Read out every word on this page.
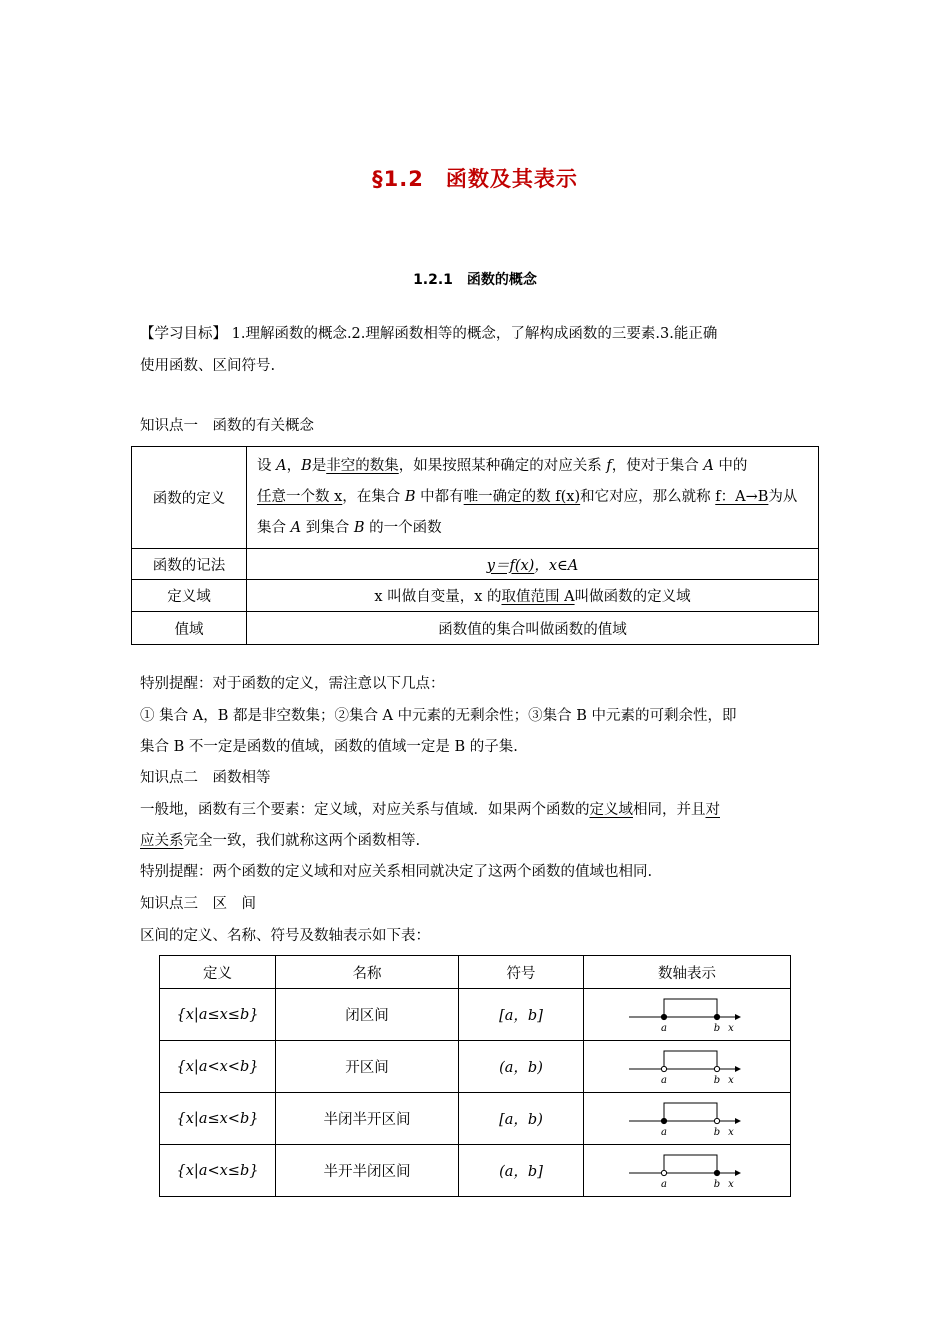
§1.2　函数及其表示
1.2.1　函数的概念
【学习目标】 1.理解函数的概念.2.理解函数相等的概念，了解构成函数的三要素.3.能正确
使用函数、区间符号.
知识点一　函数的有关概念
函数的定义	设 A，B是非空的数集，如果按照某种确定的对应关系 f，使对于集合 A 中的
任意一个数 x，在集合 B 中都有唯一确定的数 f(x)和它对应，那么就称 f：A→B为从集合 A 到集合 B 的一个函数
函数的记法	y＝f(x)，x∈A
定义域	x 叫做自变量，x 的取值范围 A叫做函数的定义域
值域	函数值的集合叫做函数的值域
特别提醒：对于函数的定义，需注意以下几点：
① 集合 A，B 都是非空数集；②集合 A 中元素的无剩余性；③集合 B 中元素的可剩余性，即
集合 B 不一定是函数的值域，函数的值域一定是 B 的子集.
知识点二　函数相等
一般地，函数有三个要素：定义域，对应关系与值域．如果两个函数的定义域相同，并且对
应关系完全一致，我们就称这两个函数相等.
特别提醒：两个函数的定义域和对应关系相同就决定了这两个函数的值域也相同.
知识点三　区　间
区间的定义、名称、符号及数轴表示如下表：
定义	名称	符号	数轴表示
{x|a≤x≤b}	闭区间	[a，b]	a b x

{x|a<x<b}	开区间	(a，b)	a b x

{x|a≤x<b}	半闭半开区间	[a，b)	a b x

{x|a<x≤b}	半开半闭区间	(a，b]	a b x
